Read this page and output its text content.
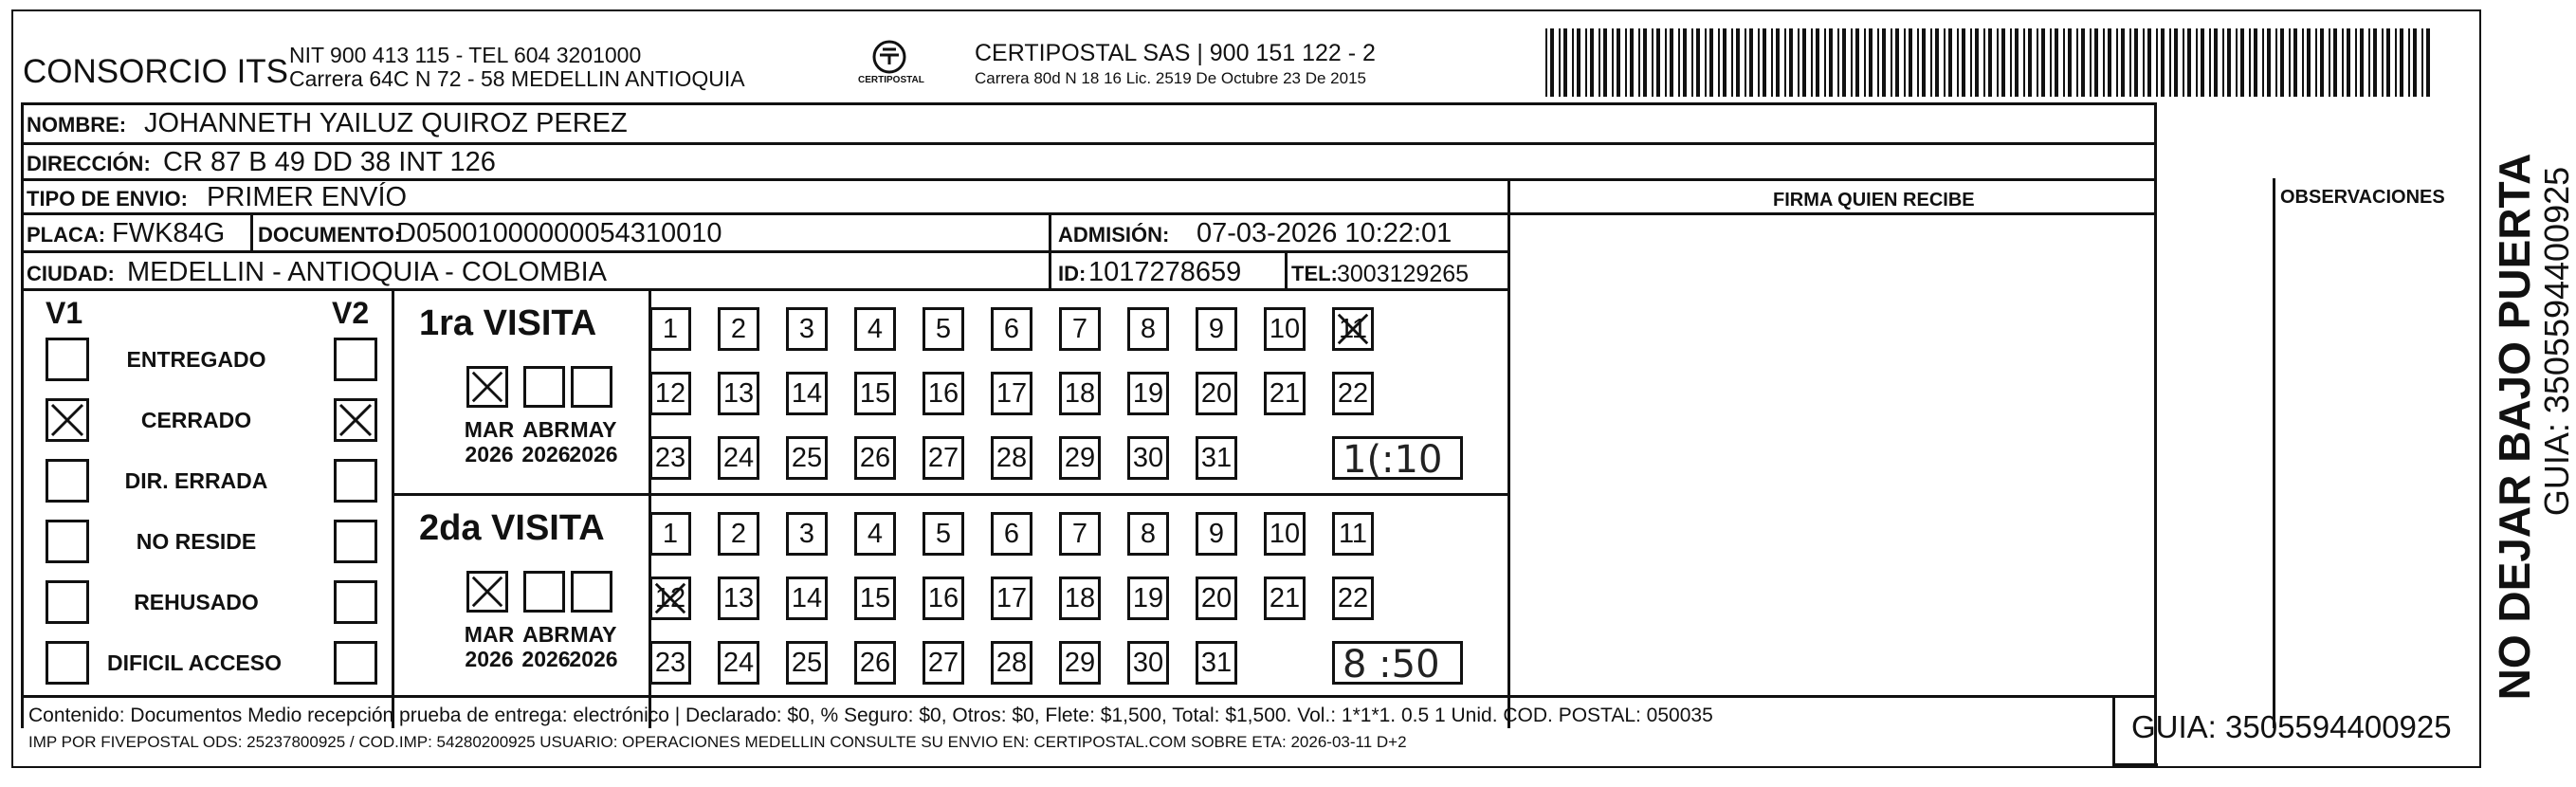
CONSORCIO ITS NIT 900 413 115 - TEL 604 3201000
Carrera 64C N 72 - 58 MEDELLIN ANTIOQUIA	CERTIPOSTAL
CERTIPOSTAL SAS | 900 151 122 - 2
Carrera 80d N 18 16 Lic. 2519 De Octubre 23 De 2015
NOMBRE: JOHANNETH YAILUZ QUIROZ PEREZ
DIRECCIÓN: CR 87 B 49 DD 38 INT 126
TIPO DE ENVIO: PRIMER ENVÍO	FIRMA QUIEN RECIBE	OBSERVACIONES
PLACA: FWK84G DOCUMENTO:
D05001000000054310010	ADMISIÓN: 07-03-2026 10:22:01
CIUDAD: MEDELLIN - ANTIOQUIA - COLOMBIA	ID: 1017278659 TEL: 3003129265
V1	V2
ENTREGADO
CERRADO
DIR. ERRADA
NO RESIDE
REHUSADO
DIFICIL ACCESO
1ra VISITA
MAR
2026
ABR
2026
MAY
2026
1 2 3 4 5 6 7 8 9 10 11
12 13 14 15 16 17 18 19 20 21 22
23 24 25 26 27 28 29 30 31	1(:10
2da VISITA
MAR
2026
ABR
2026
MAY
2026
1 2 3 4 5 6 7 8 9 10 11
12 13 14 15 16 17 18 19 20 21 22
23 24 25 26 27 28 29 30 31	8 :50
Contenido: Documentos Medio recepción prueba de entrega: electrónico | Declarado: $0, % Seguro: $0, Otros: $0, Flete: $1,500, Total: $1,500. Vol.: 1*1*1. 0.5 1 Unid. COD. POSTAL: 050035
IMP POR FIVEPOSTAL ODS: 25237800925 / COD.IMP: 54280200925 USUARIO: OPERACIONES MEDELLIN CONSULTE SU ENVIO EN: CERTIPOSTAL.COM SOBRE ETA: 2026-03-11 D+2	GUIA: 3505594400925
NO DEJAR BAJO PUERTA
GUIA: 3505594400925
